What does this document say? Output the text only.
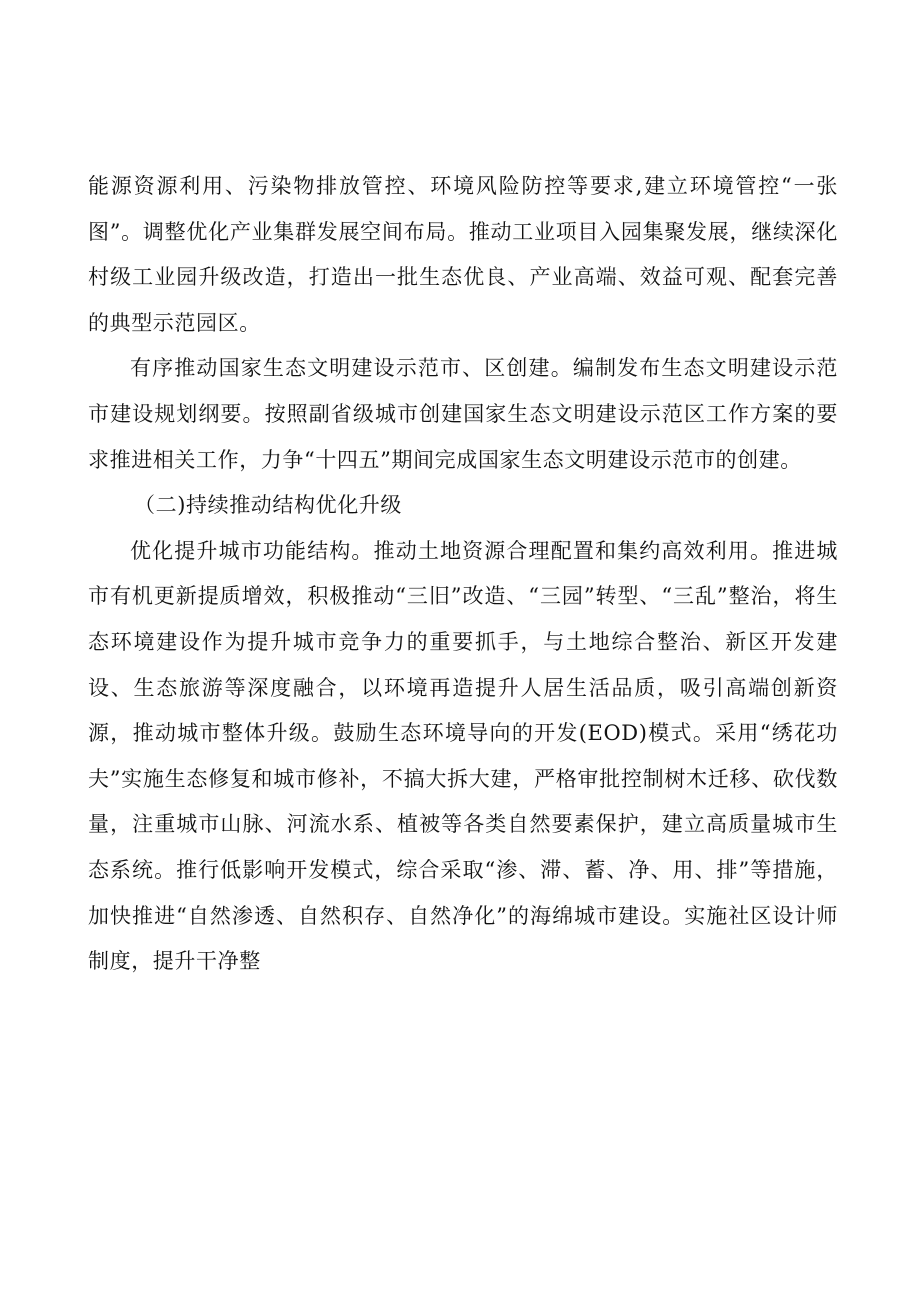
能源资源利用、污染物排放管控、环境风险防控等要求,建立环境管控“一张图”。调整优化产业集群发展空间布局。推动工业项目入园集聚发展，继续深化村级工业园升级改造，打造出一批生态优良、产业高端、效益可观、配套完善的典型示范园区。

有序推动国家生态文明建设示范市、区创建。编制发布生态文明建设示范市建设规划纲要。按照副省级城市创建国家生态文明建设示范区工作方案的要求推进相关工作，力争“十四五”期间完成国家生态文明建设示范市的创建。

（二)持续推动结构优化升级

优化提升城市功能结构。推动土地资源合理配置和集约高效利用。推进城市有机更新提质增效，积极推动“三旧”改造、“三园”转型、“三乱”整治，将生态环境建设作为提升城市竞争力的重要抓手，与土地综合整治、新区开发建设、生态旅游等深度融合，以环境再造提升人居生活品质，吸引高端创新资源，推动城市整体升级。鼓励生态环境导向的开发(EOD)模式。采用“绣花功夫”实施生态修复和城市修补，不搞大拆大建，严格审批控制树木迁移、砍伐数量，注重城市山脉、河流水系、植被等各类自然要素保护，建立高质量城市生态系统。推行低影响开发模式，综合采取“渗、滞、蓄、净、用、排”等措施，加快推进“自然渗透、自然积存、自然净化”的海绵城市建设。实施社区设计师制度，提升干净整
